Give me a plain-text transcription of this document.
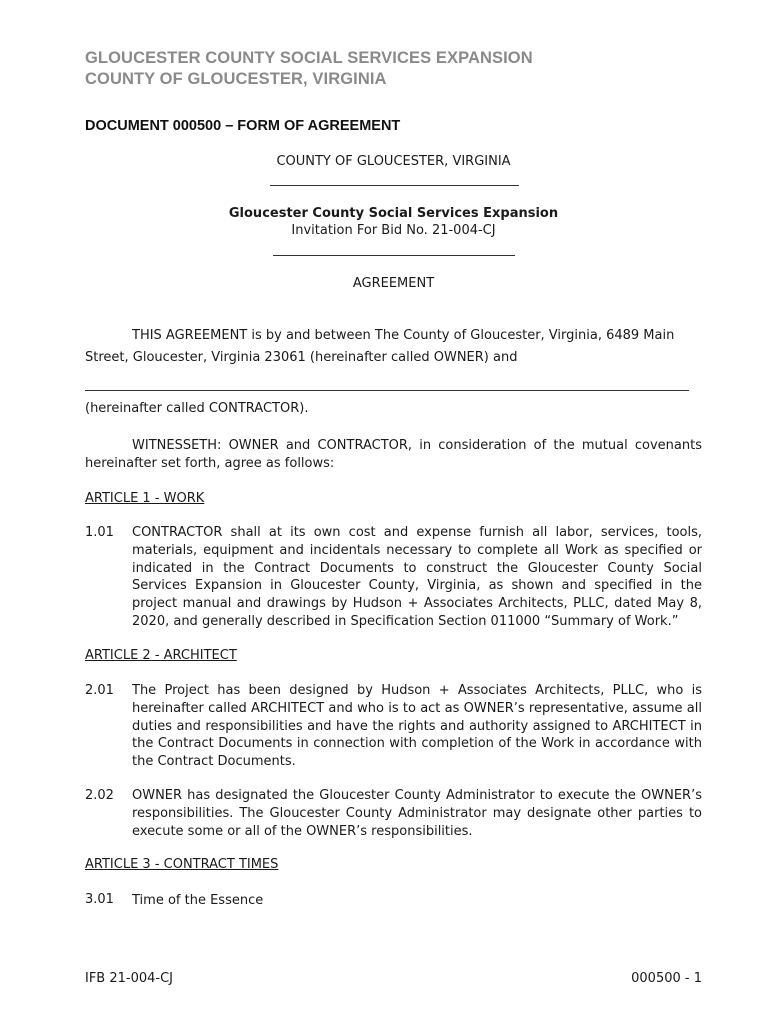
GLOUCESTER COUNTY SOCIAL SERVICES EXPANSION
COUNTY OF GLOUCESTER, VIRGINIA
DOCUMENT 000500 – FORM OF AGREEMENT
COUNTY OF GLOUCESTER, VIRGINIA
Gloucester County Social Services Expansion
Invitation For Bid No. 21-004-CJ
AGREEMENT
THIS AGREEMENT is by and between The County of Gloucester, Virginia, 6489 Main
Street, Gloucester, Virginia 23061 (hereinafter called OWNER) and
(hereinafter called CONTRACTOR).
WITNESSETH: OWNER and CONTRACTOR, in consideration of the mutual covenants hereinafter set forth, agree as follows:
ARTICLE 1 - WORK
1.01 CONTRACTOR shall at its own cost and expense furnish all labor, services, tools, materials, equipment and incidentals necessary to complete all Work as specified or indicated in the Contract Documents to construct the Gloucester County Social Services Expansion in Gloucester County, Virginia, as shown and specified in the project manual and drawings by Hudson + Associates Architects, PLLC, dated May 8, 2020, and generally described in Specification Section 011000 “Summary of Work.”
ARTICLE 2 - ARCHITECT
2.01 The Project has been designed by Hudson + Associates Architects, PLLC, who is hereinafter called ARCHITECT and who is to act as OWNER’s representative, assume all duties and responsibilities and have the rights and authority assigned to ARCHITECT in the Contract Documents in connection with completion of the Work in accordance with the Contract Documents.
2.02 OWNER has designated the Gloucester County Administrator to execute the OWNER’s responsibilities. The Gloucester County Administrator may designate other parties to execute some or all of the OWNER’s responsibilities.
ARTICLE 3 - CONTRACT TIMES
3.01 Time of the Essence
IFB 21-004-CJ	000500 - 1
